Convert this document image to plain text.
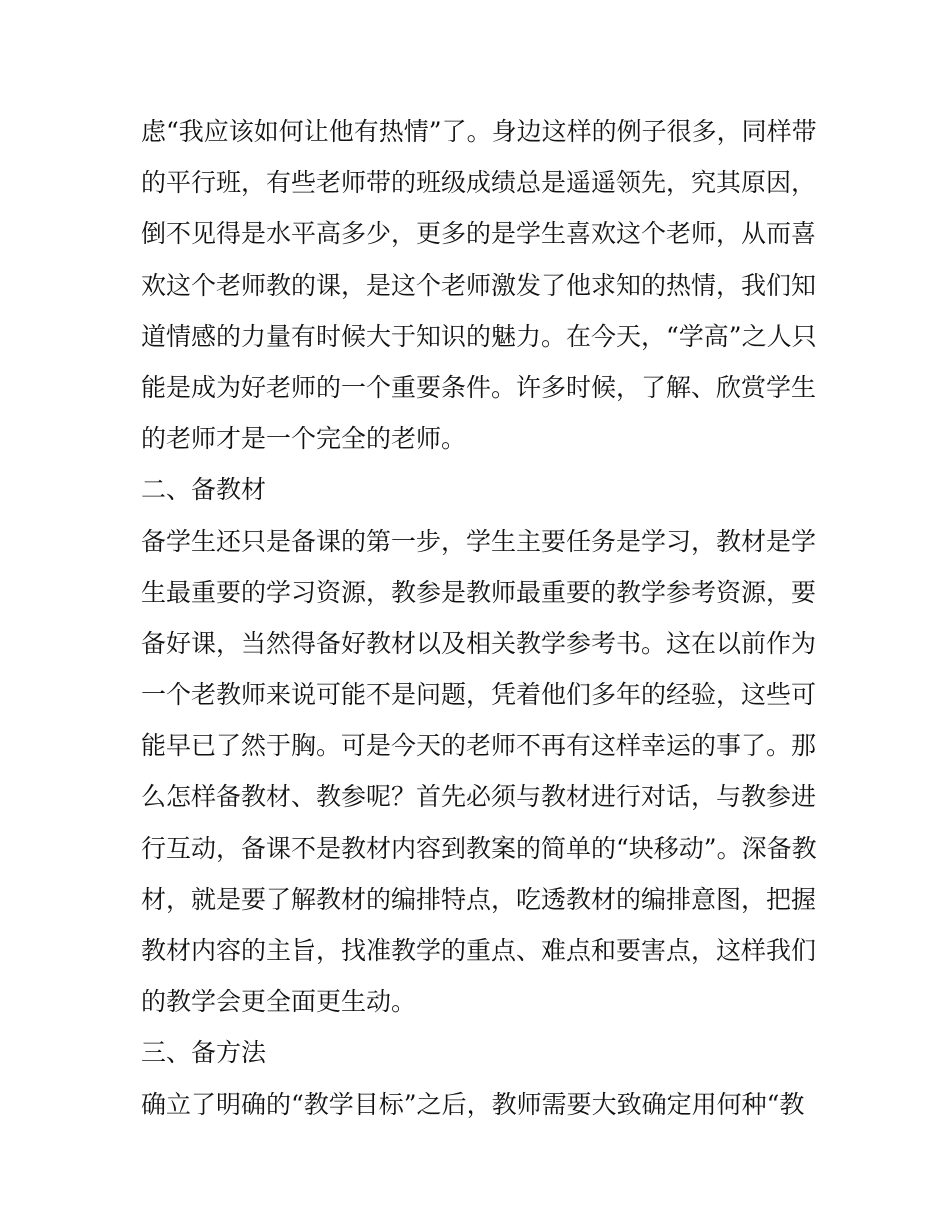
虑“我应该如何让他有热情”了。身边这样的例子很多，同样带
的平行班，有些老师带的班级成绩总是遥遥领先，究其原因，
倒不见得是水平高多少，更多的是学生喜欢这个老师，从而喜
欢这个老师教的课，是这个老师激发了他求知的热情，我们知
道情感的力量有时候大于知识的魅力。在今天，“学高”之人只
能是成为好老师的一个重要条件。许多时候，了解、欣赏学生
的老师才是一个完全的老师。
二、备教材
备学生还只是备课的第一步，学生主要任务是学习，教材是学
生最重要的学习资源，教参是教师最重要的教学参考资源，要
备好课，当然得备好教材以及相关教学参考书。这在以前作为
一个老教师来说可能不是问题，凭着他们多年的经验，这些可
能早已了然于胸。可是今天的老师不再有这样幸运的事了。那
么怎样备教材、教参呢？首先必须与教材进行对话，与教参进
行互动，备课不是教材内容到教案的简单的“块移动”。深备教
材，就是要了解教材的编排特点，吃透教材的编排意图，把握
教材内容的主旨，找准教学的重点、难点和要害点，这样我们
的教学会更全面更生动。
三、备方法
确立了明确的“教学目标”之后，教师需要大致确定用何种“教
